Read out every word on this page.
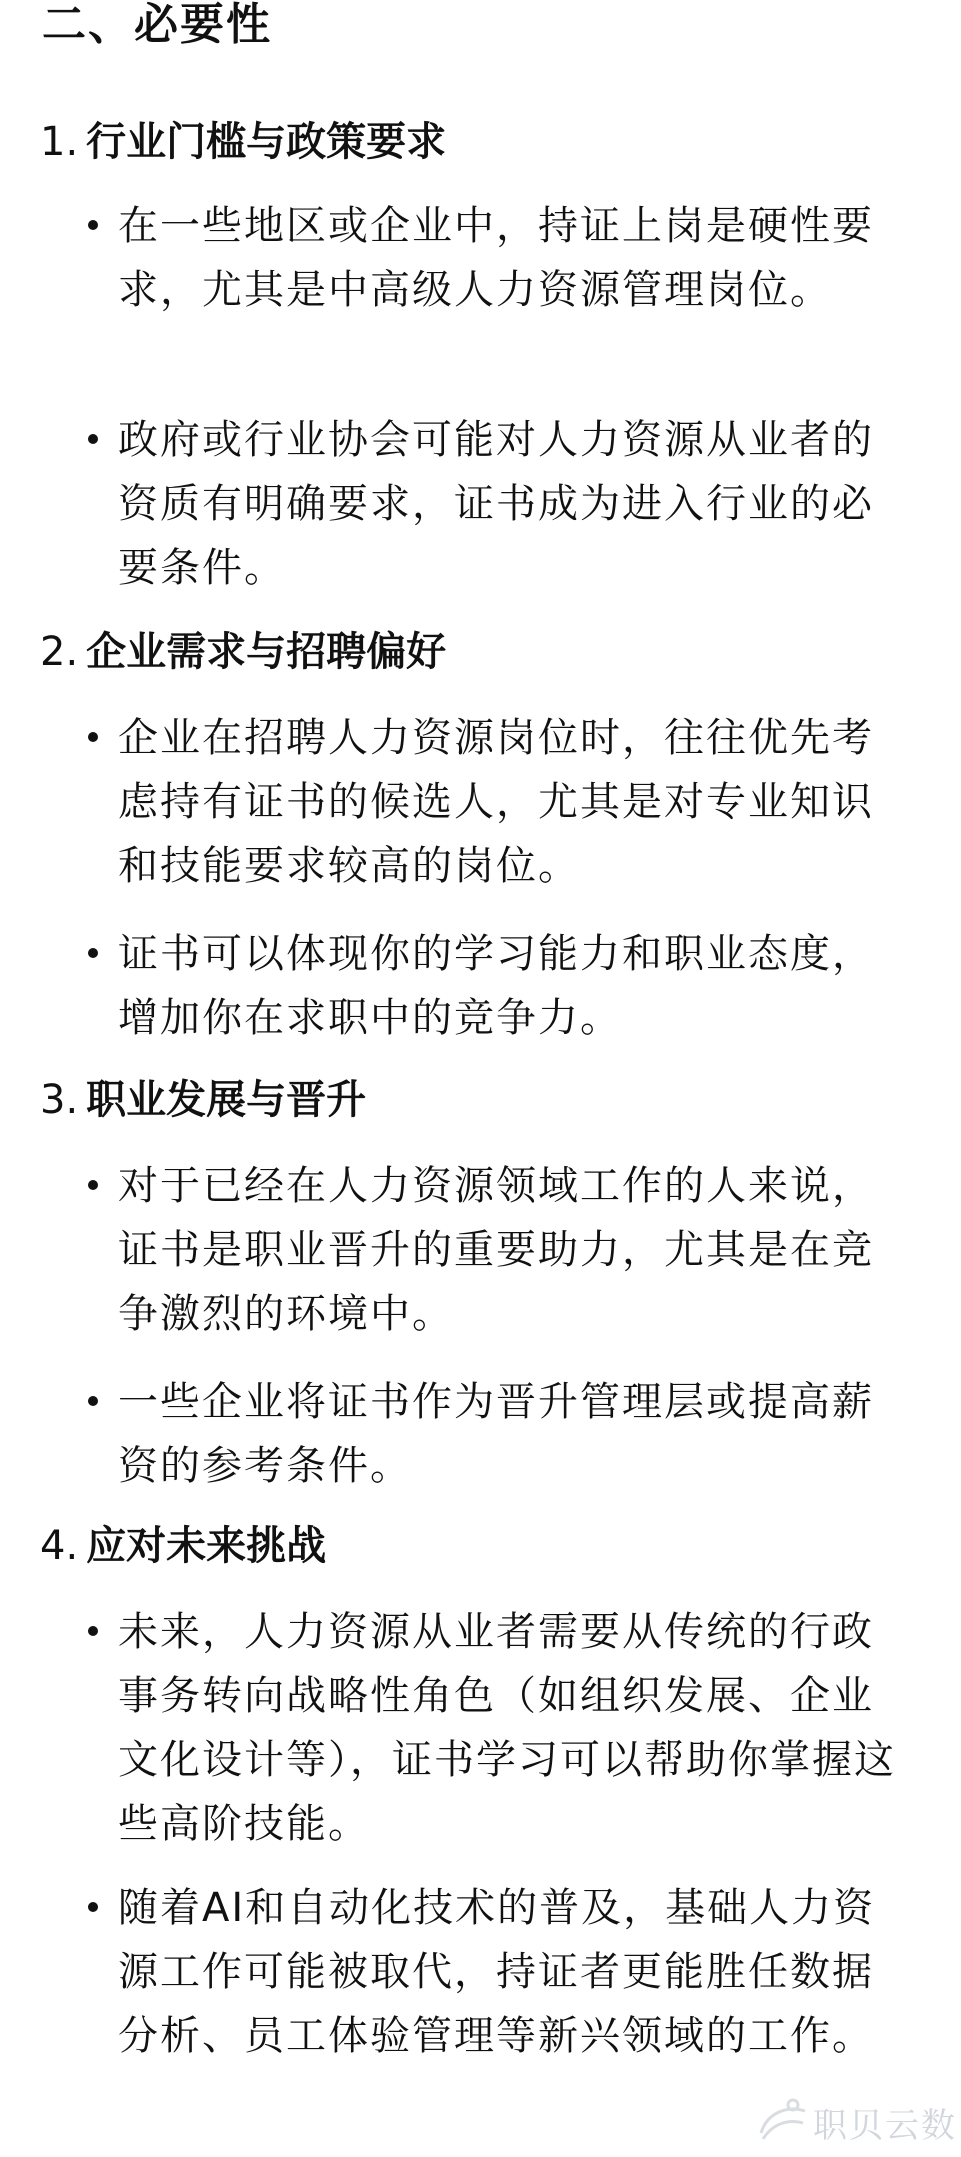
二、必要性
1. 行业门槛与政策要求
在一些地区或企业中，持证上岗是硬性要求，尤其是中高级人力资源管理岗位。
政府或行业协会可能对人力资源从业者的资质有明确要求，证书成为进入行业的必要条件。
2. 企业需求与招聘偏好
企业在招聘人力资源岗位时，往往优先考虑持有证书的候选人，尤其是对专业知识和技能要求较高的岗位。
证书可以体现你的学习能力和职业态度，增加你在求职中的竞争力。
3. 职业发展与晋升
对于已经在人力资源领域工作的人来说，证书是职业晋升的重要助力，尤其是在竞争激烈的环境中。
一些企业将证书作为晋升管理层或提高薪资的参考条件。
4. 应对未来挑战
未来，人力资源从业者需要从传统的行政事务转向战略性角色（如组织发展、企业文化设计等），证书学习可以帮助你掌握这些高阶技能。
随着AI和自动化技术的普及，基础人力资源工作可能被取代，持证者更能胜任数据分析、员工体验管理等新兴领域的工作。
职贝云数
